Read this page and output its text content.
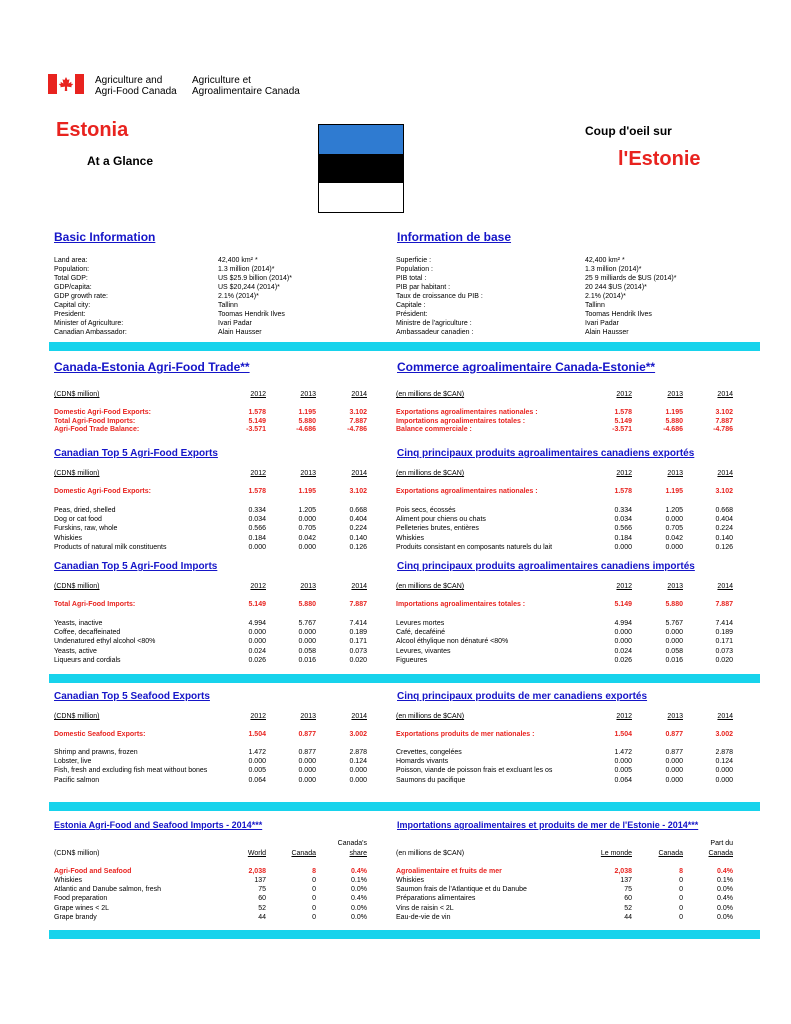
Agriculture and
Agri-Food Canada
Agriculture et
Agroalimentaire Canada
Estonia
At a Glance
Coup d'oeil sur
l'Estonie
Basic Information	Information de base
Land area:	42,400 km² *	Superficie :	42,400 km² *
Population:	1.3 million (2014)*	Population :	1.3 million (2014)*
Total GDP:	US $25.9 billion (2014)*	PIB total :	25 9 milliards de $US (2014)*
GDP/capita:	US $20,244 (2014)*	PIB par habitant :	20 244 $US (2014)*
GDP growth rate:	2.1% (2014)*	Taux de croissance du PIB :	2.1% (2014)*
Capital city:	Tallinn	Capitale :	Tallinn
President:	Toomas Hendrik Ilves	Président:	Toomas Hendrik Ilves
Minister of Agriculture:	Ivari Padar	Ministre de l'agriculture :	Ivari Padar
Canadian Ambassador:	Alain Hausser	Ambassadeur canadien :	Alain Hausser
Canada-Estonia Agri-Food Trade**	Commerce agroalimentaire Canada-Estonie**
(CDN$ million)	2012	2013	2014	(en millions de $CAN)	2012	2013	2014
Domestic Agri-Food Exports:	1.578	1.195	3.102	Exportations agroalimentaires nationales :	1.578	1.195	3.102
Total Agri-Food Imports:	5.149	5.880	7.887	Importations agroalimentaires totales :	5.149	5.880	7.887
Agri-Food Trade Balance:	-3.571	-4.686	-4.786	Balance commerciale :	-3.571	-4.686	-4.786
Canadian Top 5 Agri-Food Exports	Cinq principaux produits agroalimentaires canadiens exportés
(CDN$ million)	2012	2013	2014	(en millions de $CAN)	2012	2013	2014
Domestic Agri-Food Exports:	1.578	1.195	3.102	Exportations agroalimentaires nationales :	1.578	1.195	3.102
Peas, dried, shelled	0.334	1.205	0.668	Pois secs, écossés	0.334	1.205	0.668
Dog or cat food	0.034	0.000	0.404	Aliment pour chiens ou chats	0.034	0.000	0.404
Furskins, raw, whole	0.566	0.705	0.224	Pelleteries brutes, entières	0.566	0.705	0.224
Whiskies	0.184	0.042	0.140	Whiskies	0.184	0.042	0.140
Products of natural milk constituents	0.000	0.000	0.126	Produits consistant en composants naturels du lait	0.000	0.000	0.126
Canadian Top 5 Agri-Food Imports	Cinq principaux produits agroalimentaires canadiens importés
(CDN$ million)	2012	2013	2014	(en millions de $CAN)	2012	2013	2014
Total Agri-Food Imports:	5.149	5.880	7.887	Importations agroalimentaires totales :	5.149	5.880	7.887
Yeasts, inactive	4.994	5.767	7.414	Levures mortes	4.994	5.767	7.414
Coffee, decaffeinated	0.000	0.000	0.189	Café, decaféiné	0.000	0.000	0.189
Undenatured ethyl alcohol <80%	0.000	0.000	0.171	Alcool éthylique non dénaturé <80%	0.000	0.000	0.171
Yeasts, active	0.024	0.058	0.073	Levures, vivantes	0.024	0.058	0.073
Liqueurs and cordials	0.026	0.016	0.020	Figueures	0.026	0.016	0.020
Canadian Top 5 Seafood Exports	Cinq principaux produits de mer canadiens exportés
(CDN$ million)	2012	2013	2014	(en millions de $CAN)	2012	2013	2014
Domestic Seafood Exports:	1.504	0.877	3.002	Exportations produits de mer nationales :	1.504	0.877	3.002
Shrimp and prawns, frozen	1.472	0.877	2.878	Crevettes, congelées	1.472	0.877	2.878
Lobster, live	0.000	0.000	0.124	Homards vivants	0.000	0.000	0.124
Fish, fresh and excluding fish meat without bones	0.005	0.000	0.000	Poisson, viande de poisson frais et excluant les os	0.005	0.000	0.000
Pacific salmon	0.064	0.000	0.000	Saumons du pacifique	0.064	0.000	0.000
Estonia Agri-Food and Seafood Imports - 2014***	Importations agroalimentaires et produits de mer de l'Estonie - 2014***
Canada's	Part du
(CDN$ million)	World	Canada	share	(en millions de $CAN)	Le monde	Canada	Canada
Agri-Food and Seafood	2,038	8	0.4%	Agroalimentaire et fruits de mer	2,038	8	0.4%
Whiskies	137	0	0.1%	Whiskies	137	0	0.1%
Atlantic and Danube salmon, fresh	75	0	0.0%	Saumon frais de l'Atlantique et du Danube	75	0	0.0%
Food preparation	60	0	0.4%	Préparations alimentaires	60	0	0.4%
Grape wines < 2L	52	0	0.0%	Vins de raisin < 2L	52	0	0.0%
Grape brandy	44	0	0.0%	Eau-de-vie de vin	44	0	0.0%
